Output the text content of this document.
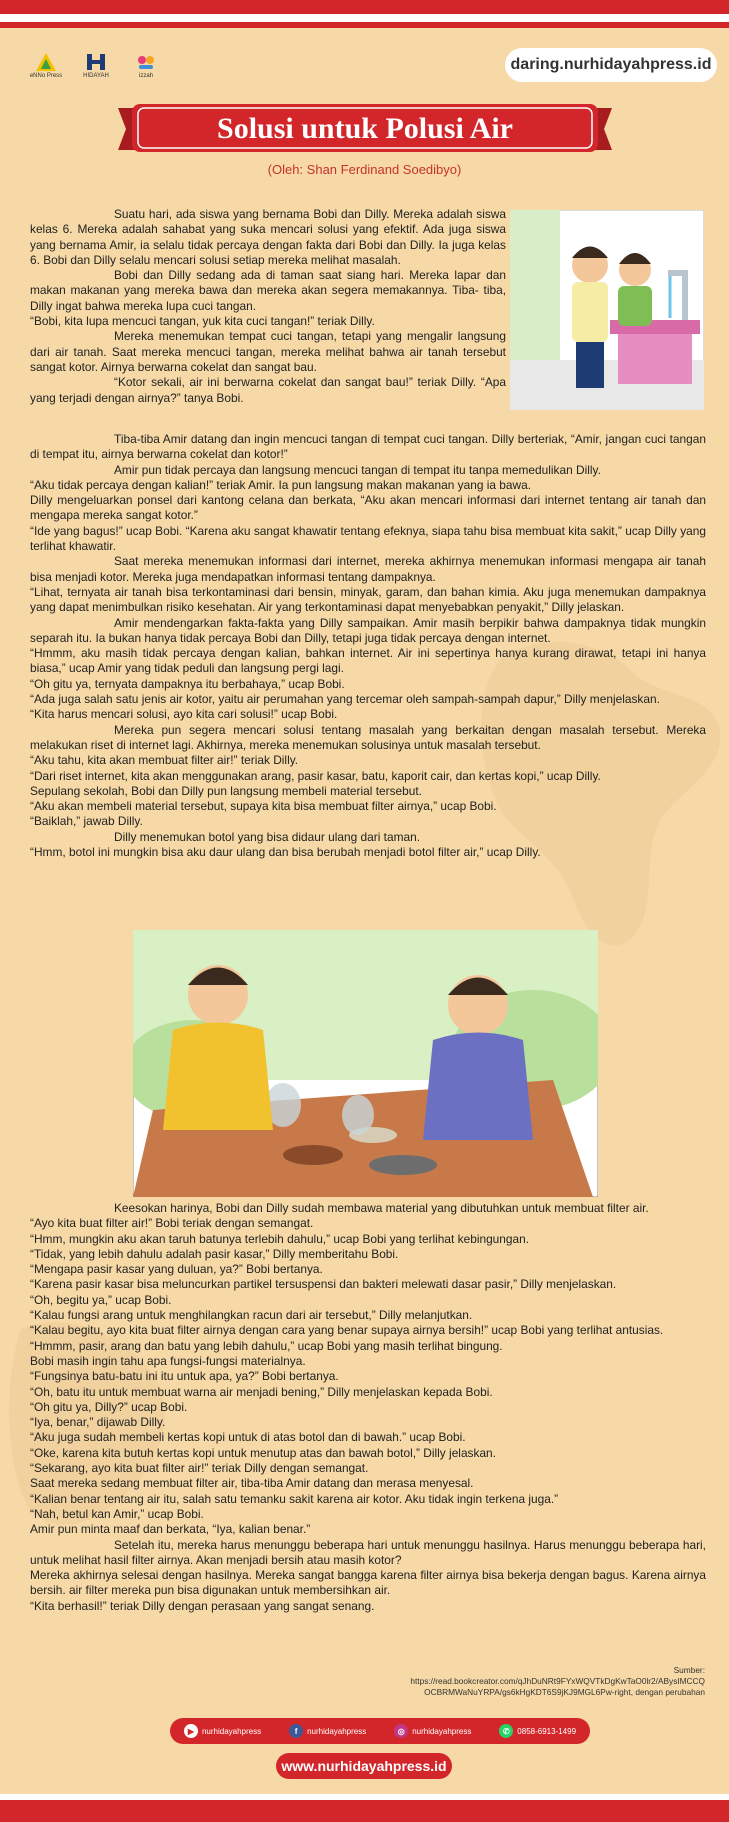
eNNo Press	HIDAYAH	izzah
daring.nurhidayahpress.id
Solusi untuk Polusi Air
(Oleh: Shan Ferdinand Soedibyo)

Suatu hari, ada siswa yang bernama Bobi dan Dilly. Mereka adalah siswa kelas 6. Mereka adalah sahabat yang suka mencari solusi yang efektif. Ada juga siswa yang bernama Amir, ia selalu tidak percaya dengan fakta dari Bobi dan Dilly. Ia juga kelas 6. Bobi dan Dilly selalu mencari solusi setiap mereka melihat masalah.

Bobi dan Dilly sedang ada di taman saat siang hari. Mereka lapar dan makan makanan yang mereka bawa dan mereka akan segera memakannya. Tiba- tiba, Dilly ingat bahwa mereka lupa cuci tangan.

“Bobi, kita lupa mencuci tangan, yuk kita cuci tangan!” teriak Dilly.

Mereka menemukan tempat cuci tangan, tetapi yang mengalir langsung dari air tanah. Saat mereka mencuci tangan, mereka melihat bahwa air tanah tersebut sangat kotor. Airnya berwarna cokelat dan sangat bau.

“Kotor sekali, air ini berwarna cokelat dan sangat bau!” teriak Dilly. “Apa yang terjadi dengan airnya?” tanya Bobi.

Tiba-tiba Amir datang dan ingin mencuci tangan di tempat cuci tangan. Dilly berteriak, “Amir, jangan cuci tangan di tempat itu, airnya berwarna cokelat dan kotor!”

Amir pun tidak percaya dan langsung mencuci tangan di tempat itu tanpa memedulikan Dilly.

“Aku tidak percaya dengan kalian!” teriak Amir. Ia pun langsung makan makanan yang ia bawa.

Dilly mengeluarkan ponsel dari kantong celana dan berkata, “Aku akan mencari informasi dari internet tentang air tanah dan mengapa mereka sangat kotor.”

“Ide yang bagus!” ucap Bobi. “Karena aku sangat khawatir tentang efeknya, siapa tahu bisa membuat kita sakit,” ucap Dilly yang terlihat khawatir.

Saat mereka menemukan informasi dari internet, mereka akhirnya menemukan informasi mengapa air tanah bisa menjadi kotor. Mereka juga mendapatkan informasi tentang dampaknya.

“Lihat, ternyata air tanah bisa terkontaminasi dari bensin, minyak, garam, dan bahan kimia. Aku juga menemukan dampaknya yang dapat menimbulkan risiko kesehatan. Air yang terkontaminasi dapat menyebabkan penyakit,” Dilly jelaskan.

Amir mendengarkan fakta-fakta yang Dilly sampaikan. Amir masih berpikir bahwa dampaknya tidak mungkin separah itu. Ia bukan hanya tidak percaya Bobi dan Dilly, tetapi juga tidak percaya dengan internet.

“Hmmm, aku masih tidak percaya dengan kalian, bahkan internet. Air ini sepertinya hanya kurang dirawat, tetapi ini hanya biasa,” ucap Amir yang tidak peduli dan langsung pergi lagi.

“Oh gitu ya, ternyata dampaknya itu berbahaya,” ucap Bobi.

“Ada juga salah satu jenis air kotor, yaitu air perumahan yang tercemar oleh sampah-sampah dapur,” Dilly menjelaskan.

“Kita harus mencari solusi, ayo kita cari solusi!” ucap Bobi.

Mereka pun segera mencari solusi tentang masalah yang berkaitan dengan masalah tersebut. Mereka melakukan riset di internet lagi. Akhirnya, mereka menemukan solusinya untuk masalah tersebut.

“Aku tahu, kita akan membuat filter air!” teriak Dilly.

“Dari riset internet, kita akan menggunakan arang, pasir kasar, batu, kaporit cair, dan kertas kopi,” ucap Dilly.

Sepulang sekolah, Bobi dan Dilly pun langsung membeli material tersebut.

“Aku akan membeli material tersebut, supaya kita bisa membuat filter airnya,” ucap Bobi.

“Baiklah,” jawab Dilly.

Dilly menemukan botol yang bisa didaur ulang dari taman.

“Hmm, botol ini mungkin bisa aku daur ulang dan bisa berubah menjadi botol filter air,” ucap Dilly.

Keesokan harinya, Bobi dan Dilly sudah membawa material yang dibutuhkan untuk membuat filter air.

“Ayo kita buat filter air!” Bobi teriak dengan semangat.

“Hmm, mungkin aku akan taruh batunya terlebih dahulu,” ucap Bobi yang terlihat kebingungan.

“Tidak, yang lebih dahulu adalah pasir kasar,” Dilly memberitahu Bobi.

“Mengapa pasir kasar yang duluan, ya?” Bobi bertanya.

“Karena pasir kasar bisa meluncurkan partikel tersuspensi dan bakteri melewati dasar pasir,” Dilly menjelaskan.

“Oh, begitu ya,” ucap Bobi.

“Kalau fungsi arang untuk menghilangkan racun dari air tersebut,” Dilly melanjutkan.

“Kalau begitu, ayo kita buat filter airnya dengan cara yang benar supaya airnya bersih!” ucap Bobi yang terlihat antusias.

“Hmmm, pasir, arang dan batu yang lebih dahulu,” ucap Bobi yang masih terlihat bingung.

Bobi masih ingin tahu apa fungsi-fungsi materialnya.

“Fungsinya batu-batu ini itu untuk apa, ya?” Bobi bertanya.

“Oh, batu itu untuk membuat warna air menjadi bening,” Dilly menjelaskan kepada Bobi.

“Oh gitu ya, Dilly?” ucap Bobi.

“Iya, benar,” dijawab Dilly.

“Aku juga sudah membeli kertas kopi untuk di atas botol dan di bawah.” ucap Bobi.

“Oke, karena kita butuh kertas kopi untuk menutup atas dan bawah botol,” Dilly jelaskan.

“Sekarang, ayo kita buat filter air!” teriak Dilly dengan semangat.

Saat mereka sedang membuat filter air, tiba-tiba Amir datang dan merasa menyesal.

“Kalian benar tentang air itu, salah satu temanku sakit karena air kotor. Aku tidak ingin terkena juga.”

“Nah, betul kan Amir,” ucap Bobi.

Amir pun minta maaf dan berkata, “Iya, kalian benar.”

Setelah itu, mereka harus menunggu beberapa hari untuk menunggu hasilnya. Harus menunggu beberapa hari, untuk melihat hasil filter airnya. Akan menjadi bersih atau masih kotor?

Mereka akhirnya selesai dengan hasilnya. Mereka sangat bangga karena filter airnya bisa bekerja dengan bagus. Karena airnya bersih. air filter mereka pun bisa digunakan untuk membersihkan air.

“Kita berhasil!” teriak Dilly dengan perasaan yang sangat senang.

Sumber:
https://read.bookcreator.com/qJhDuNRt9FYxWQVTkDgKwTaO0lr2/ABysIMCCQ
OCBRMWaNuYRPA/gs6kHgKDT6S9jKJ9MGL6Pw-right, dengan perubahan
▶ nurhidayahpress	f	nurhidayahpress	◎ nurhidayahpress	✆ 0858-6913-1499
www.nurhidayahpress.id
